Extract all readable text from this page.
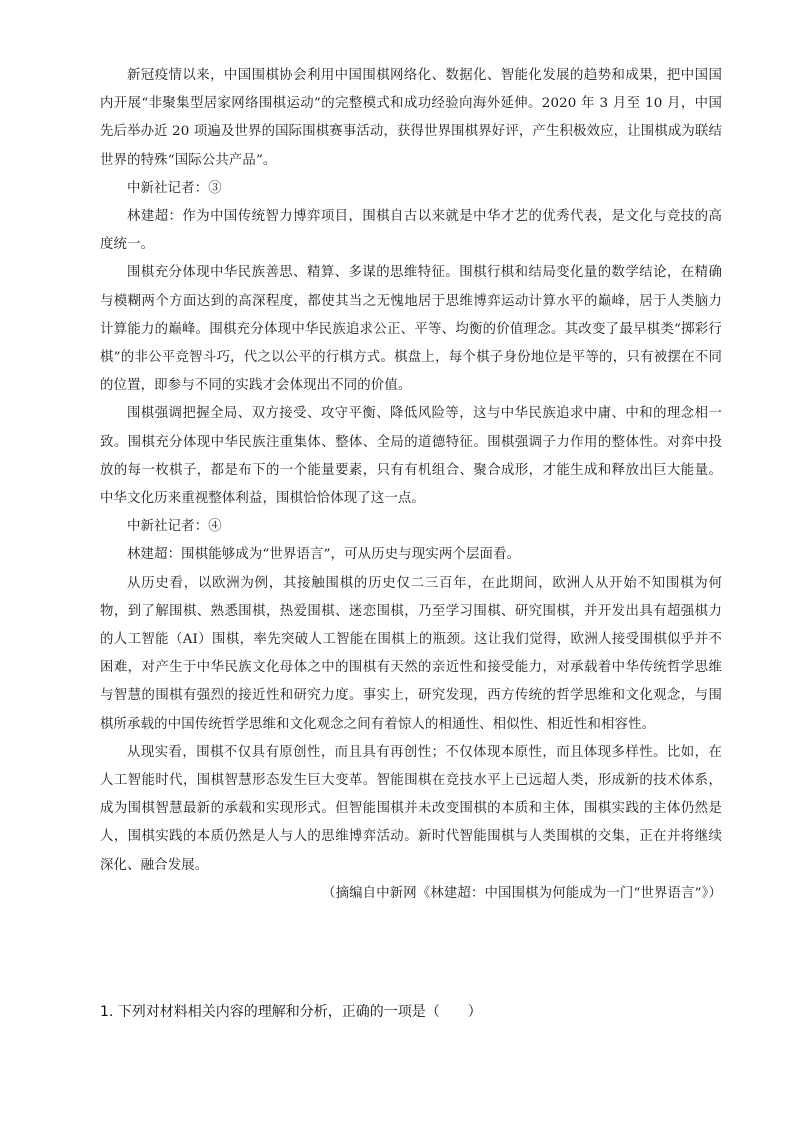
新冠疫情以来，中国围棋协会利用中国围棋网络化、数据化、智能化发展的趋势和成果，把中国国内开展“非聚集型居家网络围棋运动”的完整模式和成功经验向海外延伸。2020 年 3 月至 10 月，中国先后举办近 20 项遍及世界的国际围棋赛事活动，获得世界围棋界好评，产生积极效应，让围棋成为联结世界的特殊“国际公共产品”。

中新社记者：③

林建超：作为中国传统智力博弈项目，围棋自古以来就是中华才艺的优秀代表，是文化与竞技的高度统一。

围棋充分体现中华民族善思、精算、多谋的思维特征。围棋行棋和结局变化量的数学结论，在精确与模糊两个方面达到的高深程度，都使其当之无愧地居于思维博弈运动计算水平的巅峰，居于人类脑力计算能力的巅峰。围棋充分体现中华民族追求公正、平等、均衡的价值理念。其改变了最早棋类“掷彩行棋”的非公平竞智斗巧，代之以公平的行棋方式。棋盘上，每个棋子身份地位是平等的，只有被摆在不同的位置，即参与不同的实践才会体现出不同的价值。

围棋强调把握全局、双方接受、攻守平衡、降低风险等，这与中华民族追求中庸、中和的理念相一致。围棋充分体现中华民族注重集体、整体、全局的道德特征。围棋强调子力作用的整体性。对弈中投放的每一枚棋子，都是布下的一个能量要素，只有有机组合、聚合成形，才能生成和释放出巨大能量。中华文化历来重视整体利益，围棋恰恰体现了这一点。

中新社记者：④

林建超：围棋能够成为“世界语言”，可从历史与现实两个层面看。

从历史看，以欧洲为例，其接触围棋的历史仅二三百年，在此期间，欧洲人从开始不知围棋为何物，到了解围棋、熟悉围棋，热爱围棋、迷恋围棋，乃至学习围棋、研究围棋，并开发出具有超强棋力的人工智能（AI）围棋，率先突破人工智能在围棋上的瓶颈。这让我们觉得，欧洲人接受围棋似乎并不困难，对产生于中华民族文化母体之中的围棋有天然的亲近性和接受能力，对承载着中华传统哲学思维与智慧的围棋有强烈的接近性和研究力度。事实上，研究发现，西方传统的哲学思维和文化观念，与围棋所承载的中国传统哲学思维和文化观念之间有着惊人的相通性、相似性、相近性和相容性。

从现实看，围棋不仅具有原创性，而且具有再创性；不仅体现本原性，而且体现多样性。比如，在人工智能时代，围棋智慧形态发生巨大变革。智能围棋在竞技水平上已远超人类，形成新的技术体系，成为围棋智慧最新的承载和实现形式。但智能围棋并未改变围棋的本质和主体，围棋实践的主体仍然是人，围棋实践的本质仍然是人与人的思维博弈活动。新时代智能围棋与人类围棋的交集，正在并将继续深化、融合发展。

（摘编自中新网《林建超：中国围棋为何能成为一门“世界语言”》）

1. 下列对材料相关内容的理解和分析，正确的一项是（　　）
